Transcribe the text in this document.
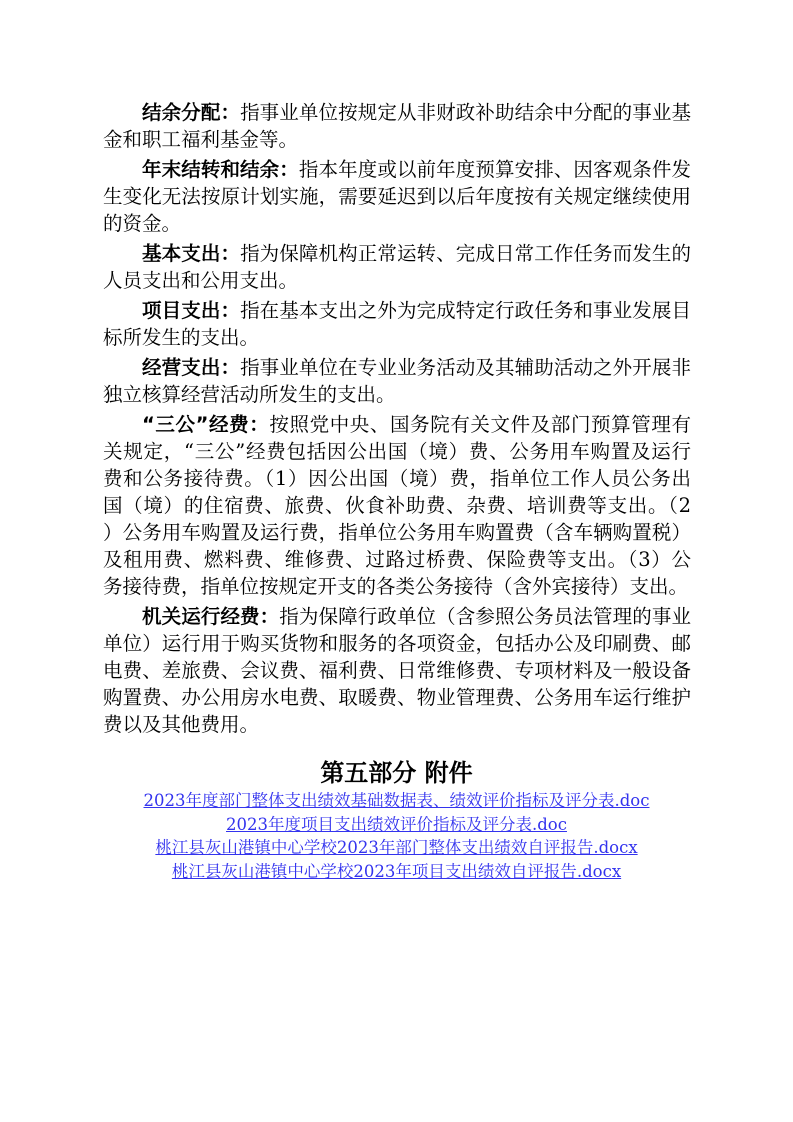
结余分配：指事业单位按规定从非财政补助结余中分配的事业基
金和职工福利基金等。
年末结转和结余：指本年度或以前年度预算安排、因客观条件发
生变化无法按原计划实施，需要延迟到以后年度按有关规定继续使用
的资金。
基本支出：指为保障机构正常运转、完成日常工作任务而发生的
人员支出和公用支出。
项目支出：指在基本支出之外为完成特定行政任务和事业发展目
标所发生的支出。
经营支出：指事业单位在专业业务活动及其辅助活动之外开展非
独立核算经营活动所发生的支出。
“三公”经费：按照党中央、国务院有关文件及部门预算管理有
关规定，“三公”经费包括因公出国（境）费、公务用车购置及运行
费和公务接待费。（1）因公出国（境）费，指单位工作人员公务出
国（境）的住宿费、旅费、伙食补助费、杂费、培训费等支出。（2
）公务用车购置及运行费，指单位公务用车购置费（含车辆购置税）
及租用费、燃料费、维修费、过路过桥费、保险费等支出。（3）公
务接待费，指单位按规定开支的各类公务接待（含外宾接待）支出。
机关运行经费：指为保障行政单位（含参照公务员法管理的事业
单位）运行用于购买货物和服务的各项资金，包括办公及印刷费、邮
电费、差旅费、会议费、福利费、日常维修费、专项材料及一般设备
购置费、办公用房水电费、取暖费、物业管理费、公务用车运行维护
费以及其他费用。
第五部分 附件
2023年度部门整体支出绩效基础数据表、绩效评价指标及评分表.doc
2023年度项目支出绩效评价指标及评分表.doc
桃江县灰山港镇中心学校2023年部门整体支出绩效自评报告.docx
桃江县灰山港镇中心学校2023年项目支出绩效自评报告.docx
